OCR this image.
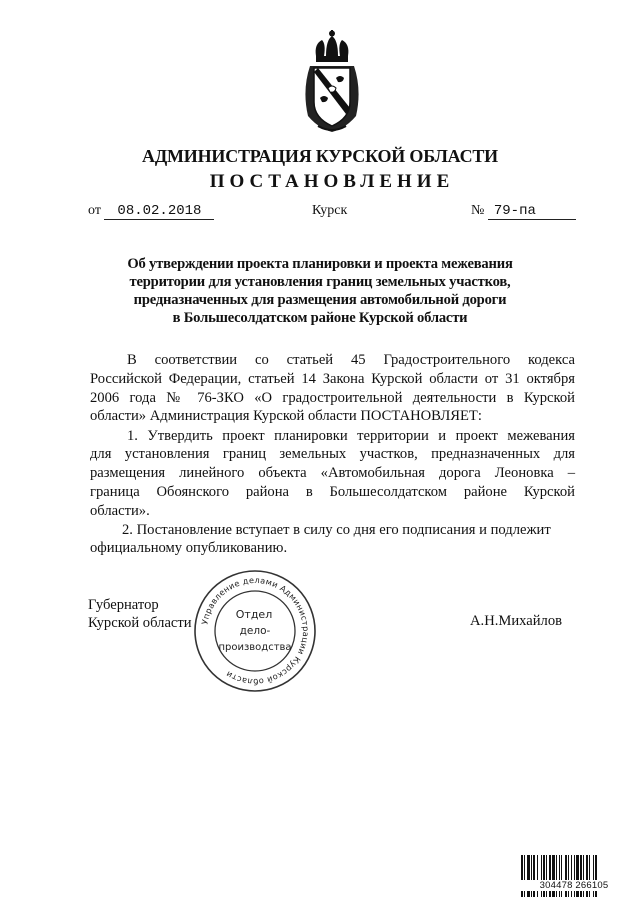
АДМИНИСТРАЦИЯ КУРСКОЙ ОБЛАСТИ
ПОСТАНОВЛЕНИЕ
от 08.02.2018	Курск	№ 79-па
Об утверждении проекта планировки и проекта межевания
территории для установления границ земельных участков,
предназначенных для размещения автомобильной дороги
в Большесолдатском районе Курской области
В соответствии со статьей 45 Градостроительного кодекса
Российской Федерации, статьей 14 Закона Курской области от 31 октября
2006 года № 76-ЗКО «О градостроительной деятельности в Курской
области» Администрация Курской области ПОСТАНОВЛЯЕТ:
1. Утвердить проект планировки территории и проект межевания
для установления границ земельных участков, предназначенных для
размещения линейного объекта «Автомобильная дорога Леоновка –
граница Обоянского района в Большесолдатском районе Курской
области».
2. Постановление вступает в силу со дня его подписания и подлежит
официальному опубликованию.
Губернатор
Курской области	А.Н.Михайлов
Управление делами Администрации Курской области
Отдел
дело-
производства
304478 266105
